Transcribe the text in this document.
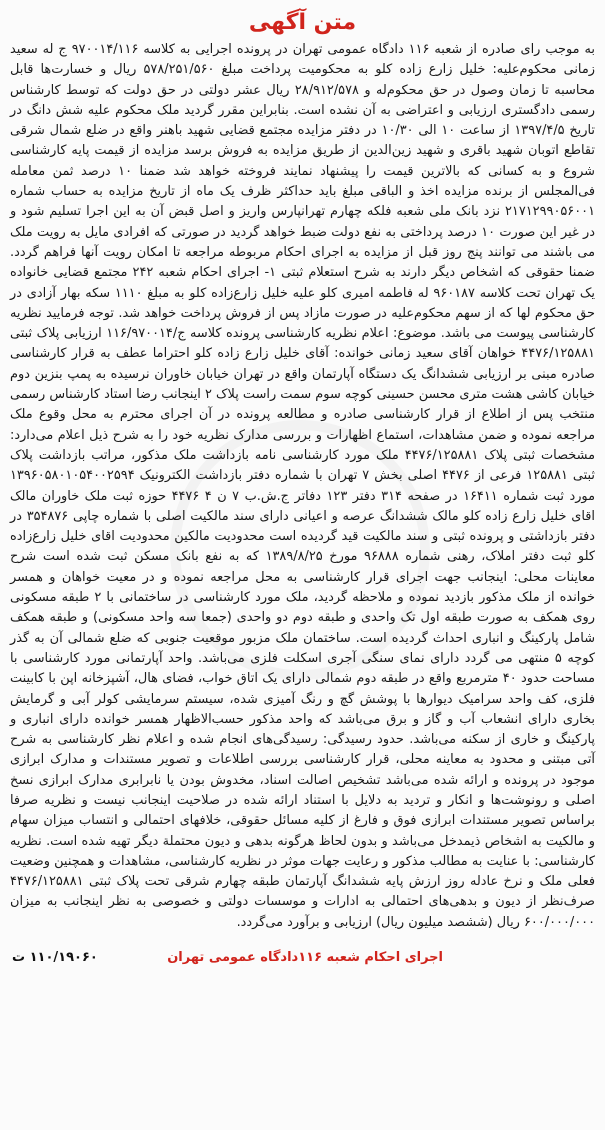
متن آگهی

به موجب رای صادره از شعبه ۱۱۶ دادگاه عمومی تهران در پرونده اجرایی به کلاسه ۹۷۰۰۱۴/۱۱۶ ج له سعید زمانی محکوم‌علیه: خلیل زارع زاده کلو به محکومیت پرداخت مبلغ ۵۷۸/۲۵۱/۵۶۰ ریال و خسارت‌ها قابل محاسبه تا زمان وصول در حق محکوم‌له و ۲۸/۹۱۲/۵۷۸ ریال عشر دولتی در حق دولت که توسط کارشناس رسمی دادگستری ارزیابی و اعتراضی به آن نشده است. بنابراین مقرر گردید ملک محکوم علیه شش دانگ در تاریخ ۱۳۹۷/۴/۵ از ساعت ۱۰ الی ۱۰/۳۰ در دفتر مزایده مجتمع قضایی شهید باهنر واقع در ضلع شمال شرقی تقاطع اتوبان شهید باقری و شهید زین‌الدین از طریق مزایده به فروش برسد مزایده از قیمت پایه کارشناسی شروع و به کسانی که بالاترین قیمت را پیشنهاد نمایند فروخته خواهد شد ضمنا ۱۰ درصد ثمن معامله فی‌المجلس از برنده مزایده اخذ و الباقی مبلغ باید حداکثر ظرف یک ماه از تاریخ مزایده به حساب شماره ۲۱۷۱۲۹۹۰۵۶۰۰۱ نزد بانک ملی شعبه فلکه چهارم تهرانپارس واریز و اصل قبض آن به این اجرا تسلیم شود و در غیر این صورت ۱۰ درصد پرداختی به نفع دولت ضبط خواهد گردید در صورتی که افرادی مایل به رویت ملک می باشند می توانند پنج روز قبل از مزایده به اجرای احکام مربوطه مراجعه تا امکان رویت آنها فراهم گردد. ضمنا حقوقی که اشخاص دیگر دارند به شرح استعلام ثبتی ۱- اجرای احکام شعبه ۲۴۲ مجتمع قضایی خانواده یک تهران تحت کلاسه ۹۶۰۱۸۷ له فاطمه امیری کلو علیه خلیل زارع‌زاده کلو به مبلغ ۱۱۱۰ سکه بهار آزادی در حق محکوم لها که از سهم محکوم‌علیه در صورت مازاد پس از فروش پرداخت خواهد شد. توجه فرمایید نظریه کارشناسی پیوست می باشد. موضوع: اعلام نظریه کارشناسی پرونده کلاسه ج/۱۱۶/۹۷۰۰۱۴ ارزیابی پلاک ثبتی ۴۴۷۶/۱۲۵۸۸۱ خواهان آقای سعید زمانی خوانده: آقای خلیل زارع زاده کلو احتراما عطف به قرار کارشناسی صادره مبنی بر ارزیابی ششدانگ یک دستگاه آپارتمان واقع در تهران خیابان خاوران نرسیده به پمپ بنزین دوم خیابان کاشی هشت متری محسن حسینی کوچه سوم سمت راست پلاک ۲ اینجانب رضا استاد کارشناس رسمی منتخب پس از اطلاع از قرار کارشناسی صادره و مطالعه پرونده در آن اجرای محترم به محل وقوع ملک مراجعه نموده و ضمن مشاهدات، استماع اظهارات و بررسی مدارک نظریه خود را به شرح ذیل اعلام می‌دارد: مشخصات ثبتی پلاک ۴۴۷۶/۱۲۵۸۸۱ ملک مورد کارشناسی نامه بازداشت ملک مذکور، مراتب بازداشت پلاک ثبتی ۱۲۵۸۸۱ فرعی از ۴۴۷۶ اصلی بخش ۷ تهران با شماره دفتر بازداشت الکترونیک ۱۳۹۶۰۵۸۰۱۰۵۴۰۰۲۵۹۴ مورد ثبت شماره ۱۶۴۱۱ در صفحه ۳۱۴ دفتر ۱۲۳ دفاتر ج.ش.ب ۷ ن ۴ ۴۴۷۶ حوزه ثبت ملک خاوران مالک اقای خلیل زارع زاده کلو مالک ششدانگ عرصه و اعیانی دارای سند مالکیت اصلی با شماره چاپی ۳۵۴۸۷۶ در دفتر بازداشتی و پرونده ثبتی و سند مالکیت قید گردیده است محدودیت مالکین محدودیت اقای خلیل زارع‌زاده کلو ثبت دفتر املاک، رهنی شماره ۹۶۸۸۸ مورخ ۱۳۸۹/۸/۲۵ که به نفع بانک مسکن ثبت شده است شرح معاینات محلی: اینجانب جهت اجرای قرار کارشناسی به محل مراجعه نموده و در معیت خواهان و همسر خوانده از ملک مذکور بازدید نموده و ملاحظه گردید، ملک مورد کارشناسی در ساختمانی با ۲ طبقه مسکونی روی همکف به صورت طبقه اول تک واحدی و طبقه دوم دو واحدی (جمعا سه واحد مسکونی) و طبقه همکف شامل پارکینگ و انباری احداث گردیده است. ساختمان ملک مزبور موقعیت جنوبی که ضلع شمالی آن به گذر کوچه ۵ منتهی می گردد دارای نمای سنگی آجری اسکلت فلزی می‌باشد. واحد آپارتمانی مورد کارشناسی با مساحت حدود ۴۰ مترمربع واقع در طبقه دوم شمالی دارای یک اتاق خواب، فضای هال، آشپزخانه اپن با کابینت فلزی، کف واحد سرامیک دیوارها با پوشش گچ و رنگ آمیزی شده، سیستم سرمایشی کولر آبی و گرمایش بخاری دارای انشعاب آب و گاز و برق می‌باشد که واحد مذکور حسب‌الاظهار همسر خوانده دارای انباری و پارکینگ و خاری از سکنه می‌باشد. حدود رسیدگی: رسیدگی‌های انجام شده و اعلام نظر کارشناسی به شرح آتی مبتنی و محدود به معاینه محلی، قرار کارشناسی بررسی اطلاعات و تصویر مستندات و مدارک ابرازی موجود در پرونده و ارائه شده می‌باشد تشخیص اصالت اسناد، مخدوش بودن یا نابرابری مدارک ابرازی نسخ اصلی و رونوشت‌ها و انکار و تردید به دلایل با استناد ارائه شده در صلاحیت اینجانب نیست و نظریه صرفا براساس تصویر مستندات ابرازی فوق و فارغ از کلیه مسائل حقوقی، خلافهای احتمالی و انتساب میزان سهام و مالکیت به اشخاص ذیمدخل می‌باشد و بدون لحاظ هرگونه بدهی و دیون محتملة دیگر تهیه شده است. نظریه کارشناسی: با عنایت به مطالب مذکور و رعایت جهات موثر در نظریه کارشناسی، مشاهدات و همچنین وضعیت فعلی ملک و نرخ عادله روز ارزش پایه ششدانگ آپارتمان طبقه چهارم شرقی تحت پلاک ثبتی ۴۴۷۶/۱۲۵۸۸۱ صرف‌نظر از دیون و بدهی‌های احتمالی به ادارات و موسسات دولتی و خصوصی به نظر اینجانب به میزان ۶۰۰/۰۰۰/۰۰۰ ریال (ششصد میلیون ریال) ارزیابی و برآورد می‌گردد.

اجرای احکام شعبه ۱۱۶دادگاه عمومی تهران
۱۱۰/۱۹۰۶۰ ت
